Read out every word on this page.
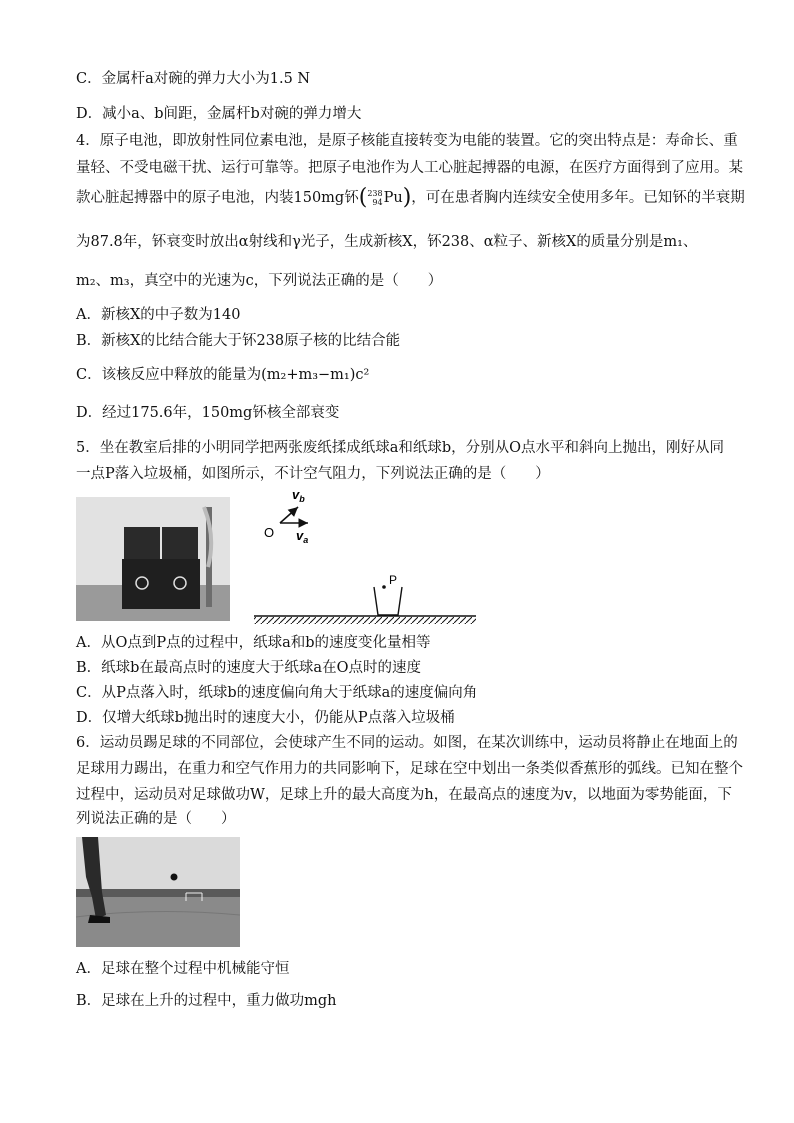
C．金属杆a对碗的弹力大小为1.5 N
D．减小a、b间距，金属杆b对碗的弹力增大
4．原子电池，即放射性同位素电池，是原子核能直接转变为电能的装置。它的突出特点是：寿命长、重
量轻、不受电磁干扰、运行可靠等。把原子电池作为人工心脏起搏器的电源，在医疗方面得到了应用。某
款心脏起搏器中的原子电池，内装150mg钚(238
94Pu)，可在患者胸内连续安全使用多年。已知钚的半衰期
为87.8年，钚衰变时放出α射线和γ光子，生成新核X，钚238、α粒子、新核X的质量分别是m₁、
m₂、m₃，真空中的光速为c，下列说法正确的是（　　）
A．新核X的中子数为140
B．新核X的比结合能大于钚238原子核的比结合能
C．该核反应中释放的能量为(m₂+m₃−m₁)c²
D．经过175.6年，150mg钚核全部衰变
5．坐在教室后排的小明同学把两张废纸揉成纸球a和纸球b，分别从O点水平和斜向上抛出，刚好从同
一点P落入垃圾桶，如图所示，不计空气阻力，下列说法正确的是（　　）
$v_b$
O $v_a$
P
A．从O点到P点的过程中，纸球a和b的速度变化量相等
B．纸球b在最高点时的速度大于纸球a在O点时的速度
C．从P点落入时，纸球b的速度偏向角大于纸球a的速度偏向角
D．仅增大纸球b抛出时的速度大小，仍能从P点落入垃圾桶
6．运动员踢足球的不同部位，会使球产生不同的运动。如图，在某次训练中，运动员将静止在地面上的
足球用力踢出，在重力和空气作用力的共同影响下，足球在空中划出一条类似香蕉形的弧线。已知在整个
过程中，运动员对足球做功W，足球上升的最大高度为h，在最高点的速度为v，以地面为零势能面，下
列说法正确的是（　　）
A．足球在整个过程中机械能守恒
B．足球在上升的过程中，重力做功mgh
